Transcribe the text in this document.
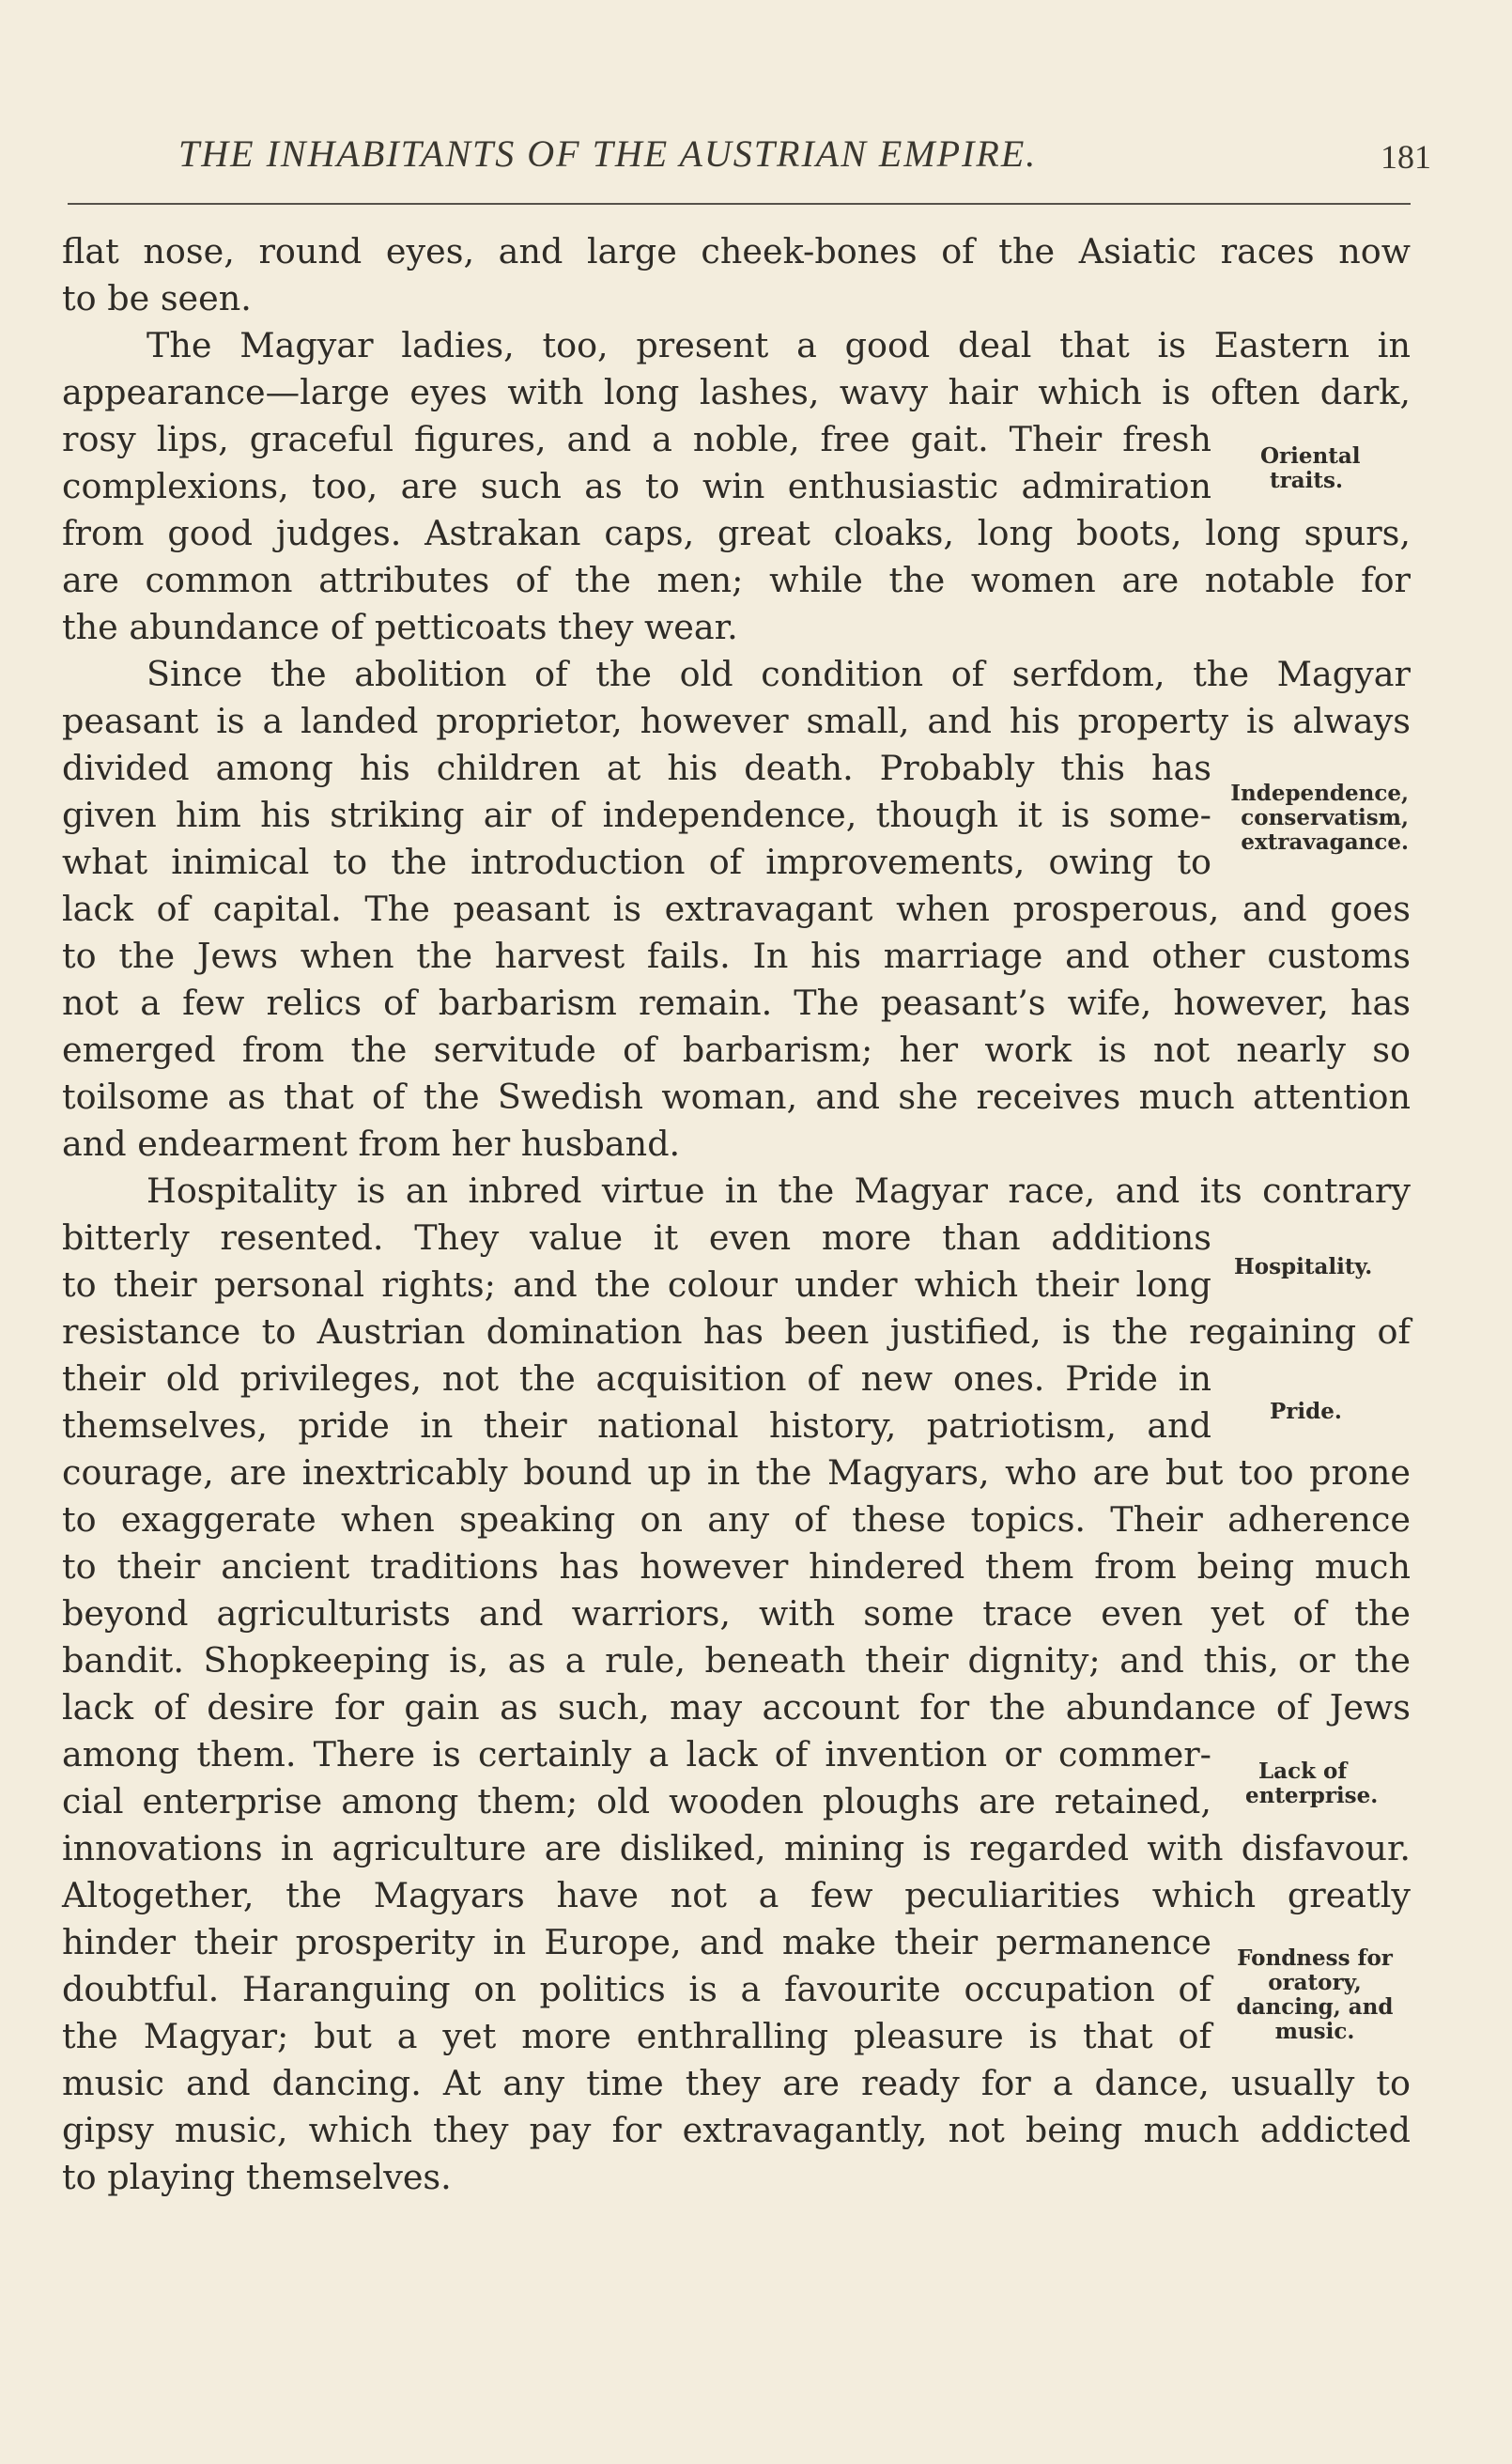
THE INHABITANTS OF THE AUSTRIAN EMPIRE.	181
flat nose, round eyes, and large cheek-bones of the Asiatic races now
to be seen.
The Magyar ladies, too, present a good deal that is Eastern in
appearance—large eyes with long lashes, wavy hair which is often dark,
rosy lips, graceful figures, and a noble, free gait. Their fresh
complexions, too, are such as to win enthusiastic admiration
from good judges. Astrakan caps, great cloaks, long boots, long spurs,
are common attributes of the men; while the women are notable for
the abundance of petticoats they wear.
Since the abolition of the old condition of serfdom, the Magyar
peasant is a landed proprietor, however small, and his property is always
divided among his children at his death. Probably this has
given him his striking air of independence, though it is some-
what inimical to the introduction of improvements, owing to
lack of capital. The peasant is extravagant when prosperous, and goes
to the Jews when the harvest fails. In his marriage and other customs
not a few relics of barbarism remain. The peasant’s wife, however, has
emerged from the servitude of barbarism; her work is not nearly so
toilsome as that of the Swedish woman, and she receives much attention
and endearment from her husband.
Hospitality is an inbred virtue in the Magyar race, and its contrary
bitterly resented. They value it even more than additions
to their personal rights; and the colour under which their long
resistance to Austrian domination has been justified, is the regaining of
their old privileges, not the acquisition of new ones. Pride in
themselves, pride in their national history, patriotism, and
courage, are inextricably bound up in the Magyars, who are but too prone
to exaggerate when speaking on any of these topics. Their adherence
to their ancient traditions has however hindered them from being much
beyond agriculturists and warriors, with some trace even yet of the
bandit. Shopkeeping is, as a rule, beneath their dignity; and this, or the
lack of desire for gain as such, may account for the abundance of Jews
among them. There is certainly a lack of invention or commer-
cial enterprise among them; old wooden ploughs are retained,
innovations in agriculture are disliked, mining is regarded with disfavour.
Altogether, the Magyars have not a few peculiarities which greatly
hinder their prosperity in Europe, and make their permanence
doubtful. Haranguing on politics is a favourite occupation of
the Magyar; but a yet more enthralling pleasure is that of
music and dancing. At any time they are ready for a dance, usually to
gipsy music, which they pay for extravagantly, not being much addicted
to playing themselves.
Oriental
traits.
Independence,
conservatism,
extravagance.
Hospitality.
Pride.
Lack of
enterprise.
Fondness for
oratory,
dancing, and
music.
